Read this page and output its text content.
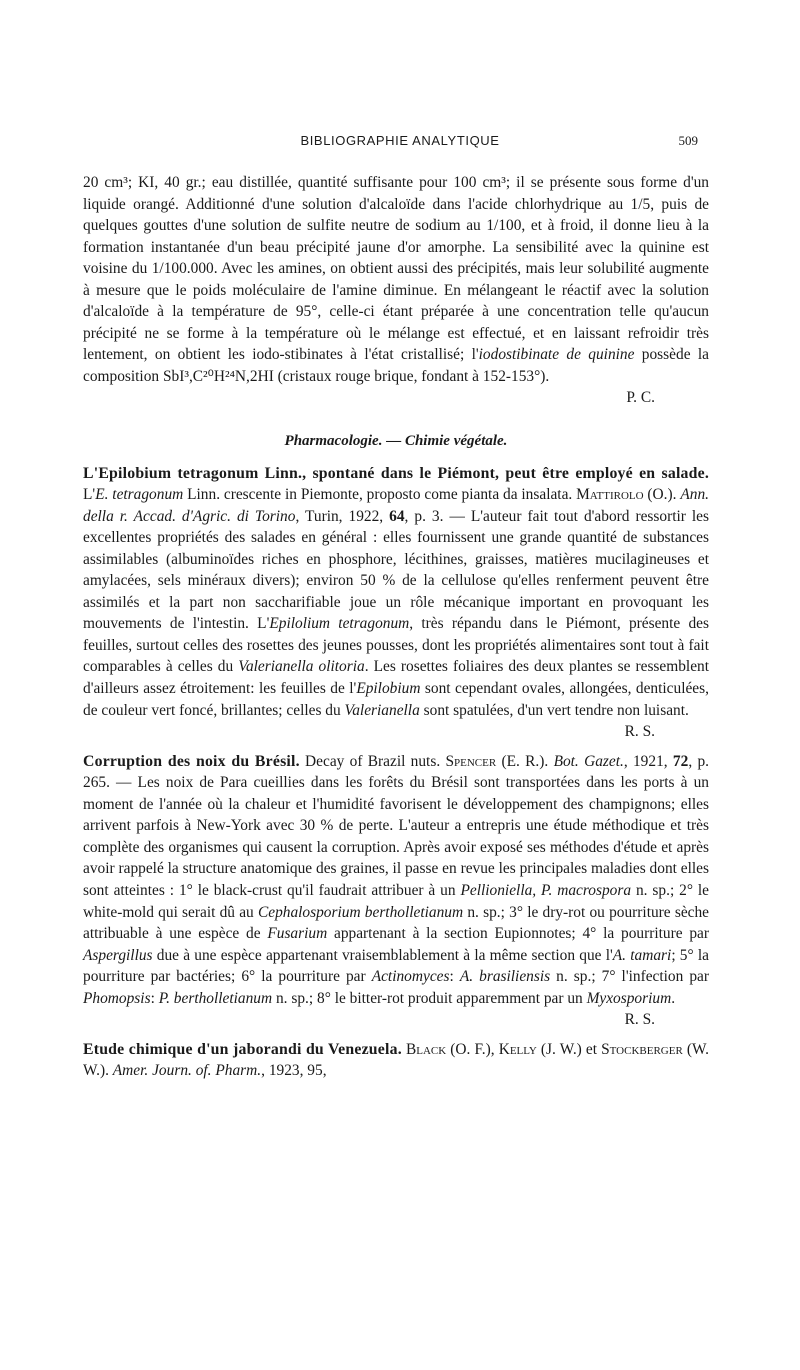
BIBLIOGRAPHIE ANALYTIQUE	509

20 cm³; KI, 40 gr.; eau distillée, quantité suffisante pour 100 cm³; il se présente sous forme d'un liquide orangé. Additionné d'une solution d'alcaloïde dans l'acide chlorhydrique au 1/5, puis de quelques gouttes d'une solution de sulfite neutre de sodium au 1/100, et à froid, il donne lieu à la formation instantanée d'un beau précipité jaune d'or amorphe. La sensibilité avec la quinine est voisine du 1/100.000. Avec les amines, on obtient aussi des précipités, mais leur solubilité augmente à mesure que le poids moléculaire de l'amine diminue. En mélangeant le réactif avec la solution d'alcaloïde à la température de 95°, celle-ci étant préparée à une concentration telle qu'aucun précipité ne se forme à la température où le mélange est effectué, et en laissant refroidir très lentement, on obtient les iodo-stibinates à l'état cristallisé; l'iodostibinate de quinine possède la composition SbI³,C²⁰H²⁴N,2HI (cristaux rouge brique, fondant à 152-153°).

P. C.

Pharmacologie. — Chimie végétale.

L'Epilobium tetragonum Linn., spontané dans le Piémont, peut être employé en salade. L'E. tetragonum Linn. crescente in Piemonte, proposto come pianta da insalata. Mattirolo (O.). Ann. della r. Accad. d'Agric. di Torino, Turin, 1922, 64, p. 3. — L'auteur fait tout d'abord ressortir les excellentes propriétés des salades en général : elles fournissent une grande quantité de substances assimilables (albuminoïdes riches en phosphore, lécithines, graisses, matières mucilagineuses et amylacées, sels minéraux divers); environ 50 % de la cellulose qu'elles renferment peuvent être assimilés et la part non saccharifiable joue un rôle mécanique important en provoquant les mouvements de l'intestin. L'Epilolium tetragonum, très répandu dans le Piémont, présente des feuilles, surtout celles des rosettes des jeunes pousses, dont les propriétés alimentaires sont tout à fait comparables à celles du Valerianella olitoria. Les rosettes foliaires des deux plantes se ressemblent d'ailleurs assez étroitement: les feuilles de l'Epilobium sont cependant ovales, allongées, denticulées, de couleur vert foncé, brillantes; celles du Valerianella sont spatulées, d'un vert tendre non luisant.

R. S.

Corruption des noix du Brésil. Decay of Brazil nuts. Spencer (E. R.). Bot. Gazet., 1921, 72, p. 265. — Les noix de Para cueillies dans les forêts du Brésil sont transportées dans les ports à un moment de l'année où la chaleur et l'humidité favorisent le développement des champignons; elles arrivent parfois à New-York avec 30 % de perte. L'auteur a entrepris une étude méthodique et très complète des organismes qui causent la corruption. Après avoir exposé ses méthodes d'étude et après avoir rappelé la structure anatomique des graines, il passe en revue les principales maladies dont elles sont atteintes : 1° le black-crust qu'il faudrait attribuer à un Pellioniella, P. macrospora n. sp.; 2° le white-mold qui serait dû au Cephalosporium bertholletianum n. sp.; 3° le dry-rot ou pourriture sèche attribuable à une espèce de Fusarium appartenant à la section Eupionnotes; 4° la pourriture par Aspergillus due à une espèce appartenant vraisemblablement à la même section que l'A. tamari; 5° la pourriture par bactéries; 6° la pourriture par Actinomyces: A. brasiliensis n. sp.; 7° l'infection par Phomopsis: P. bertholletianum n. sp.; 8° le bitter-rot produit apparemment par un Myxosporium.

R. S.

Etude chimique d'un jaborandi du Venezuela. Black (O. F.), Kelly (J. W.) et Stockberger (W. W.). Amer. Journ. of. Pharm., 1923, 95,
